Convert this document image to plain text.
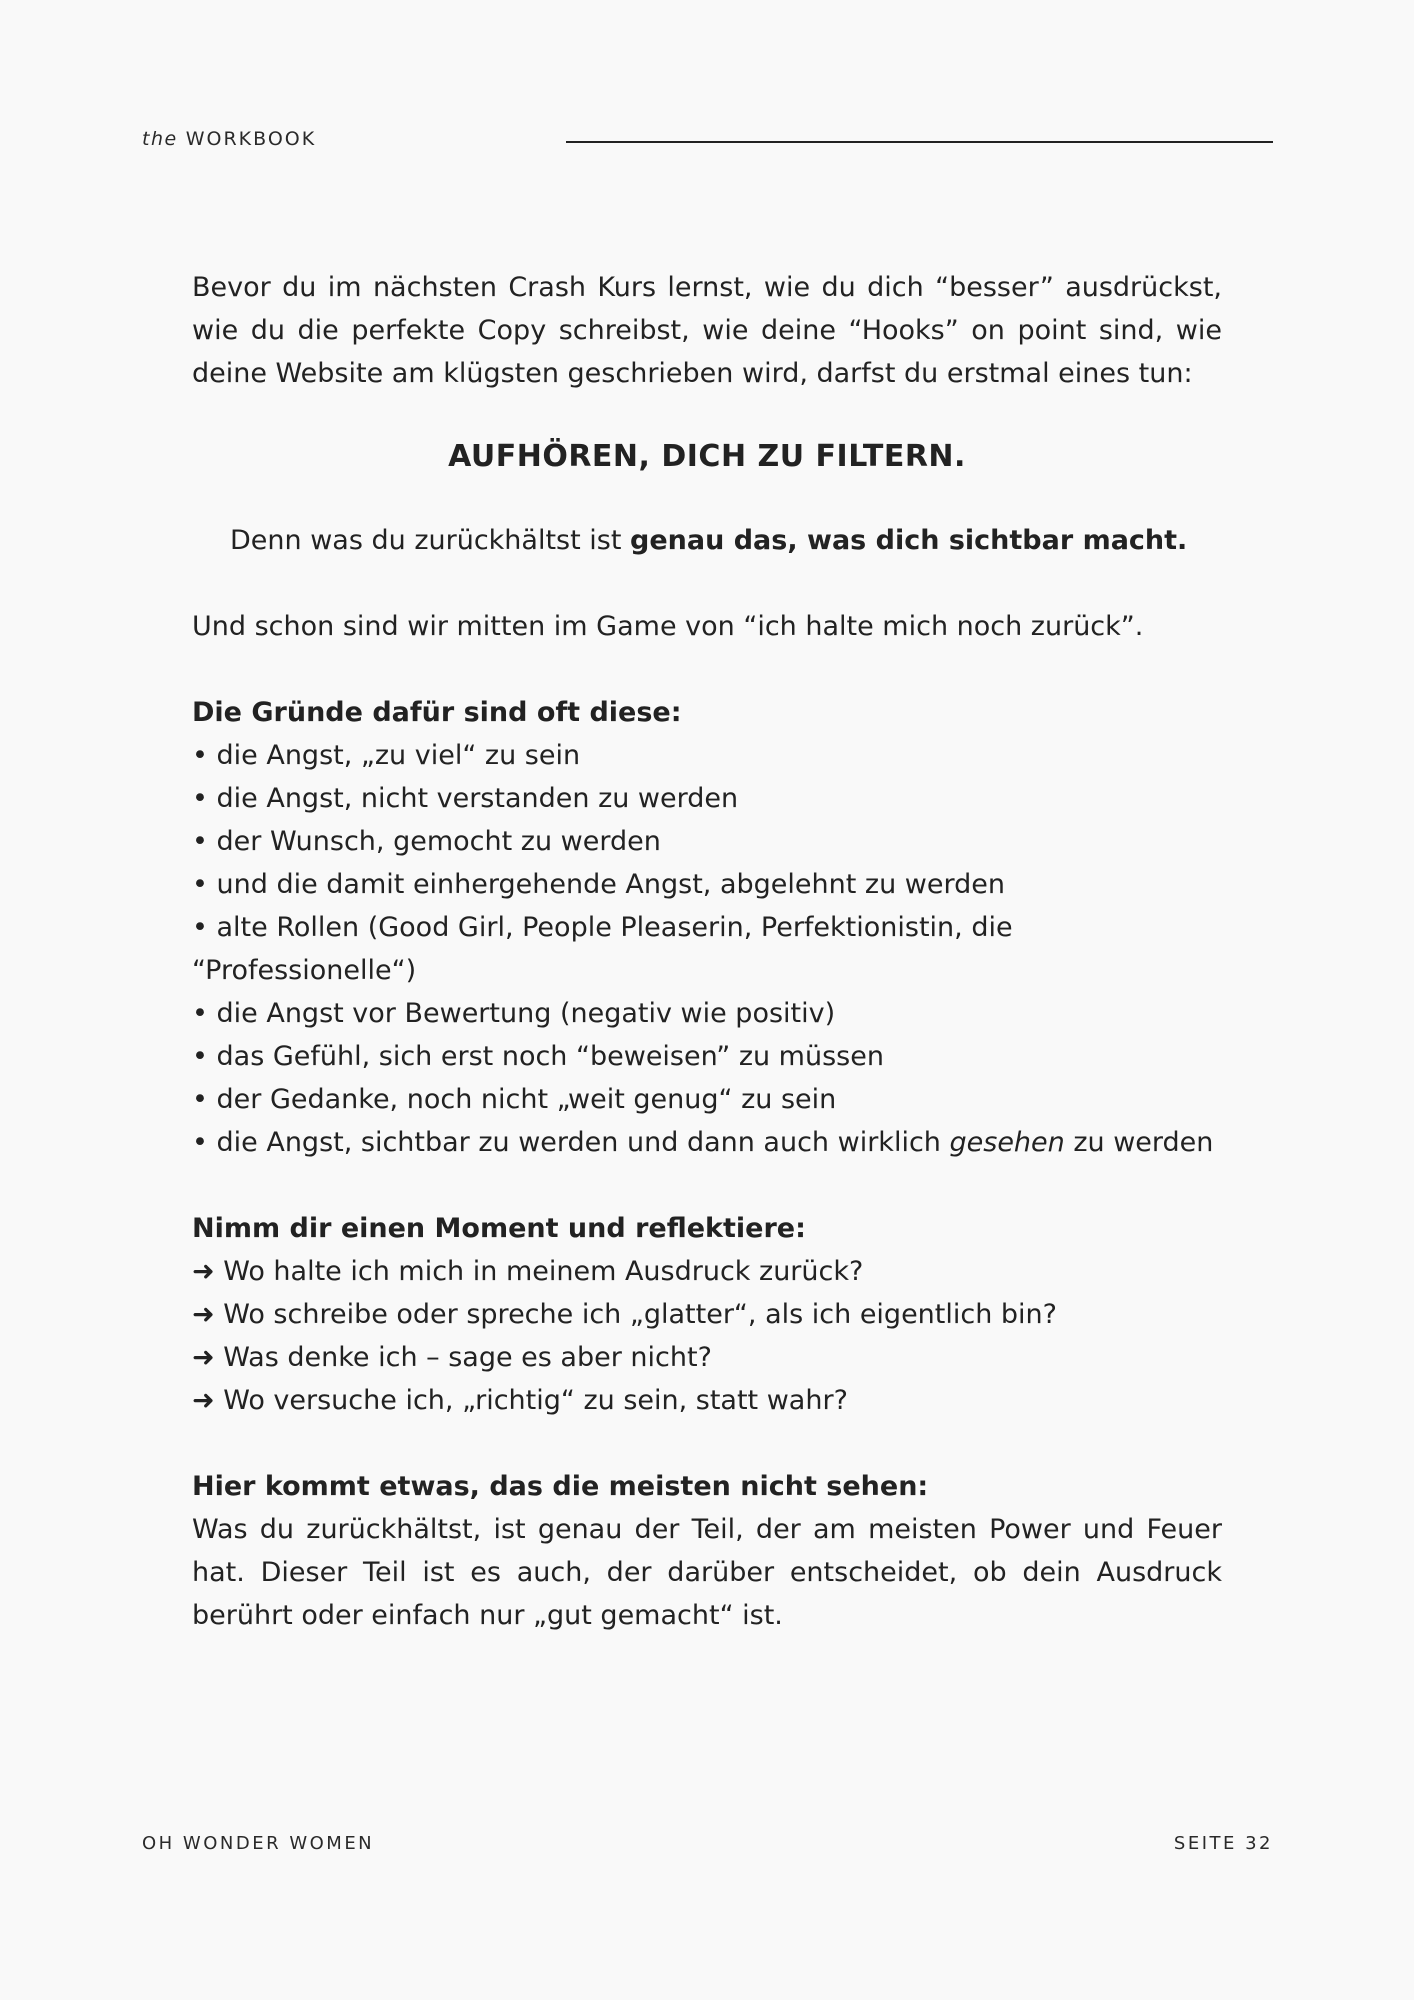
the WORKBOOK

Bevor du im nächsten Crash Kurs lernst, wie du dich “besser” ausdrückst, wie du die perfekte Copy schreibst, wie deine “Hooks” on point sind, wie deine Website am klügsten geschrieben wird, darfst du erstmal eines tun:

AUFHÖREN, DICH ZU FILTERN.
Denn was du zurückhältst ist genau das, was dich sichtbar macht.
Und schon sind wir mitten im Game von “ich halte mich noch zurück”.
Die Gründe dafür sind oft diese:
• die Angst, „zu viel“ zu sein
• die Angst, nicht verstanden zu werden
• der Wunsch, gemocht zu werden
• und die damit einhergehende Angst, abgelehnt zu werden
• alte Rollen (Good Girl, People Pleaserin, Perfektionistin, die “Professionelle“)
• die Angst vor Bewertung (negativ wie positiv)
• das Gefühl, sich erst noch “beweisen” zu müssen
• der Gedanke, noch nicht „weit genug“ zu sein
• die Angst, sichtbar zu werden und dann auch wirklich gesehen zu werden
Nimm dir einen Moment und reflektiere:
➜ Wo halte ich mich in meinem Ausdruck zurück?
➜ Wo schreibe oder spreche ich „glatter“, als ich eigentlich bin?
➜ Was denke ich – sage es aber nicht?
➜ Wo versuche ich, „richtig“ zu sein, statt wahr?
Hier kommt etwas, das die meisten nicht sehen:

Was du zurückhältst, ist genau der Teil, der am meisten Power und Feuer hat. Dieser Teil ist es auch, der darüber entscheidet, ob dein Ausdruck berührt oder einfach nur „gut gemacht“ ist.

OH WONDER WOMEN	SEITE 32
